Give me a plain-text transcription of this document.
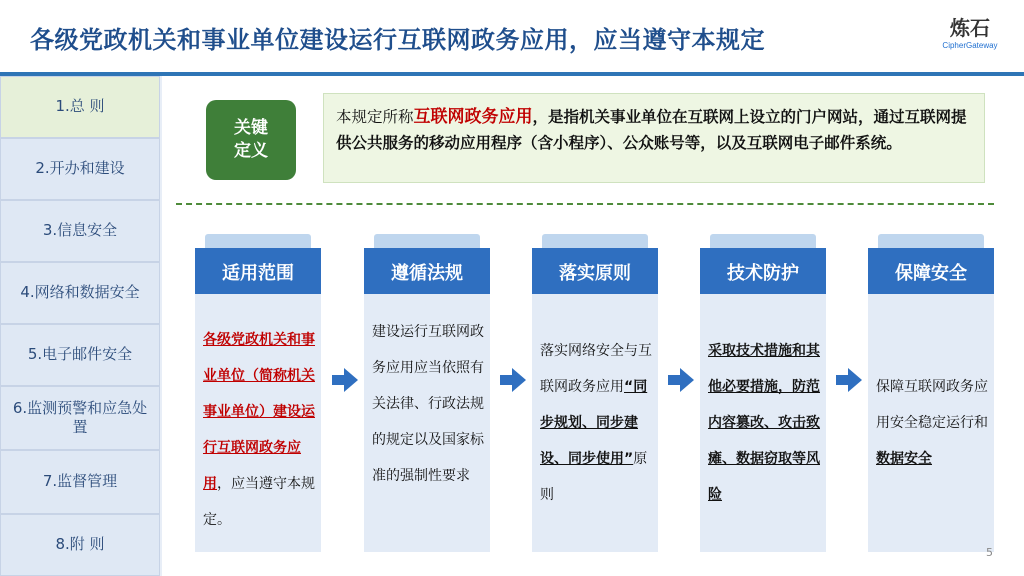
各级党政机关和事业单位建设运行互联网政务应用，应当遵守本规定	炼石
CipherGateway
1.总 则
2.开办和建设
3.信息安全
4.网络和数据安全
5.电子邮件安全
6.监测预警和应急处置
7.监督管理
8.附 则
关键
定义
本规定所称互联网政务应用，是指机关事业单位在互联网上设立的门户网站，通过互联网提供公共服务的移动应用程序（含小程序）、公众账号等，以及互联网电子邮件系统。
适用范围
各级党政机关和事业单位（简称机关事业单位）建设运行互联网政务应用，应当遵守本规定。
遵循法规
建设运行互联网政务应用应当依照有关法律、行政法规的规定以及国家标准的强制性要求
落实原则
落实网络安全与互联网政务应用“同步规划、同步建设、同步使用”原则
技术防护
采取技术措施和其他必要措施，防范内容篡改、攻击致瘫、数据窃取等风险
保障安全
保障互联网政务应用安全稳定运行和数据安全
5
